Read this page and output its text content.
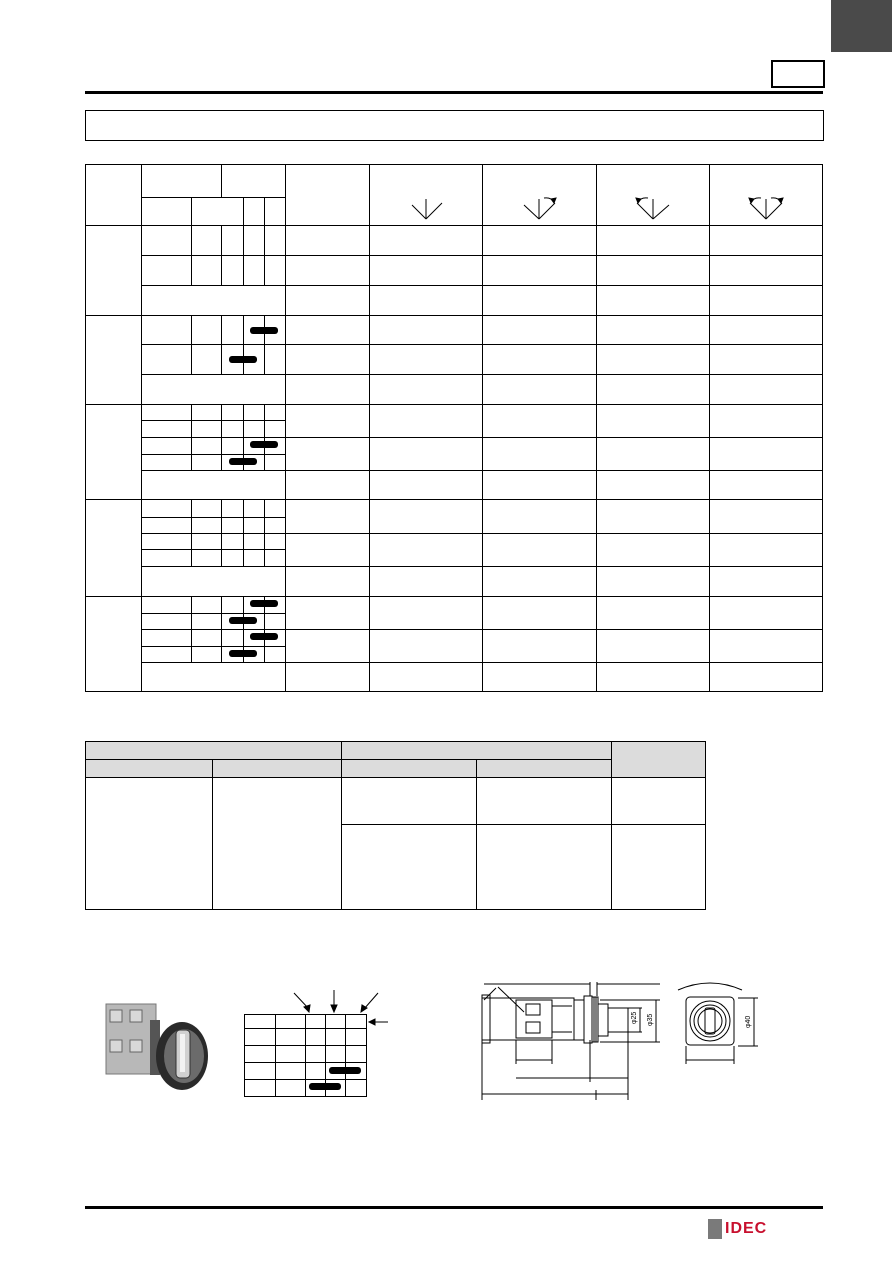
φ25 φ35	φ40
IDEC
